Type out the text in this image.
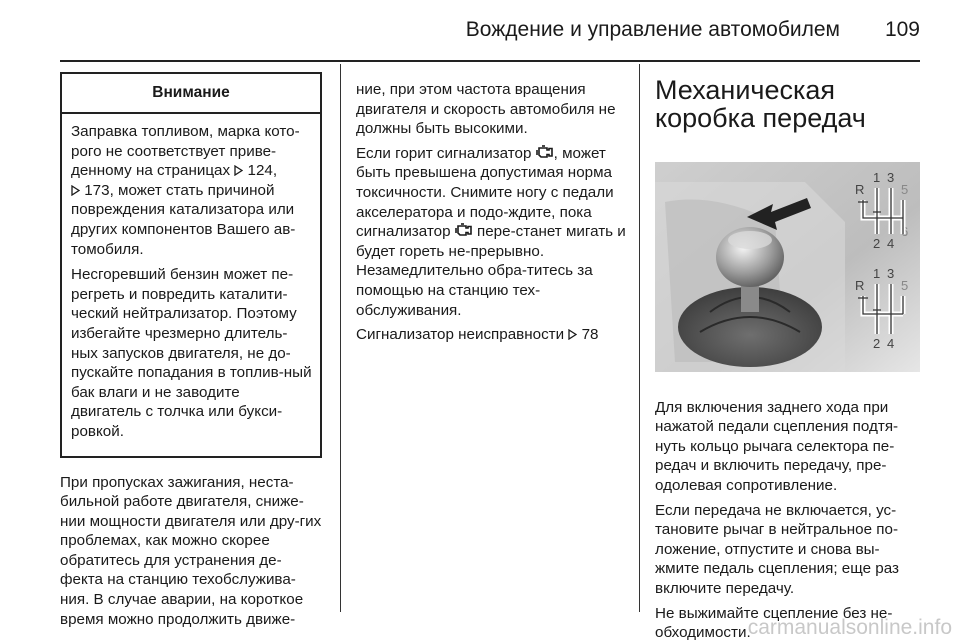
Вождение и управление автомобилем 109
Внимание

Заправка топливом, марка кото-рого не соответствует приве-денному на страницах  124,
173, может стать причиной повреждения катализатора или других компонентов Вашего ав-томобиля.

Несгоревший бензин может пе-регреть и повредить каталити-ческий нейтрализатор. Поэтому избегайте чрезмерно длитель-ных запусков двигателя, не до-пускайте попадания в топлив-ный бак влаги и не заводите двигатель с толчка или букси-ровкой.

При пропусках зажигания, неста-бильной работе двигателя, сниже-нии мощности двигателя или дру-гих проблемах, как можно скорее обратитесь для устранения де-фекта на станцию техобслужива-ния. В случае аварии, на короткое время можно продолжить движе-

ние, при этом частота вращения двигателя и скорость автомобиля не должны быть высокими.

Если горит сигнализатор , может быть превышена допустимая норма токсичности. Снимите ногу с педали акселератора и подо-ждите, пока сигнализатор  пере-станет мигать и будет гореть не-прерывно. Незамедлительно обра-титесь за помощью на станцию тех-обслуживания.

Сигнализатор неисправности  78

Механическая
коробка передач
R
1 3
5
2 4
6
R
1 3
5
2 4

Для включения заднего хода при нажатой педали сцепления подтя-нуть кольцо рычага селектора пе-редач и включить передачу, пре-одолевая сопротивление.

Если передача не включается, ус-тановите рычаг в нейтральное по-ложение, отпустите и снова вы-жмите педаль сцепления; еще раз включите передачу.

Не выжимайте сцепление без не-обходимости.

carmanualsonline.info
